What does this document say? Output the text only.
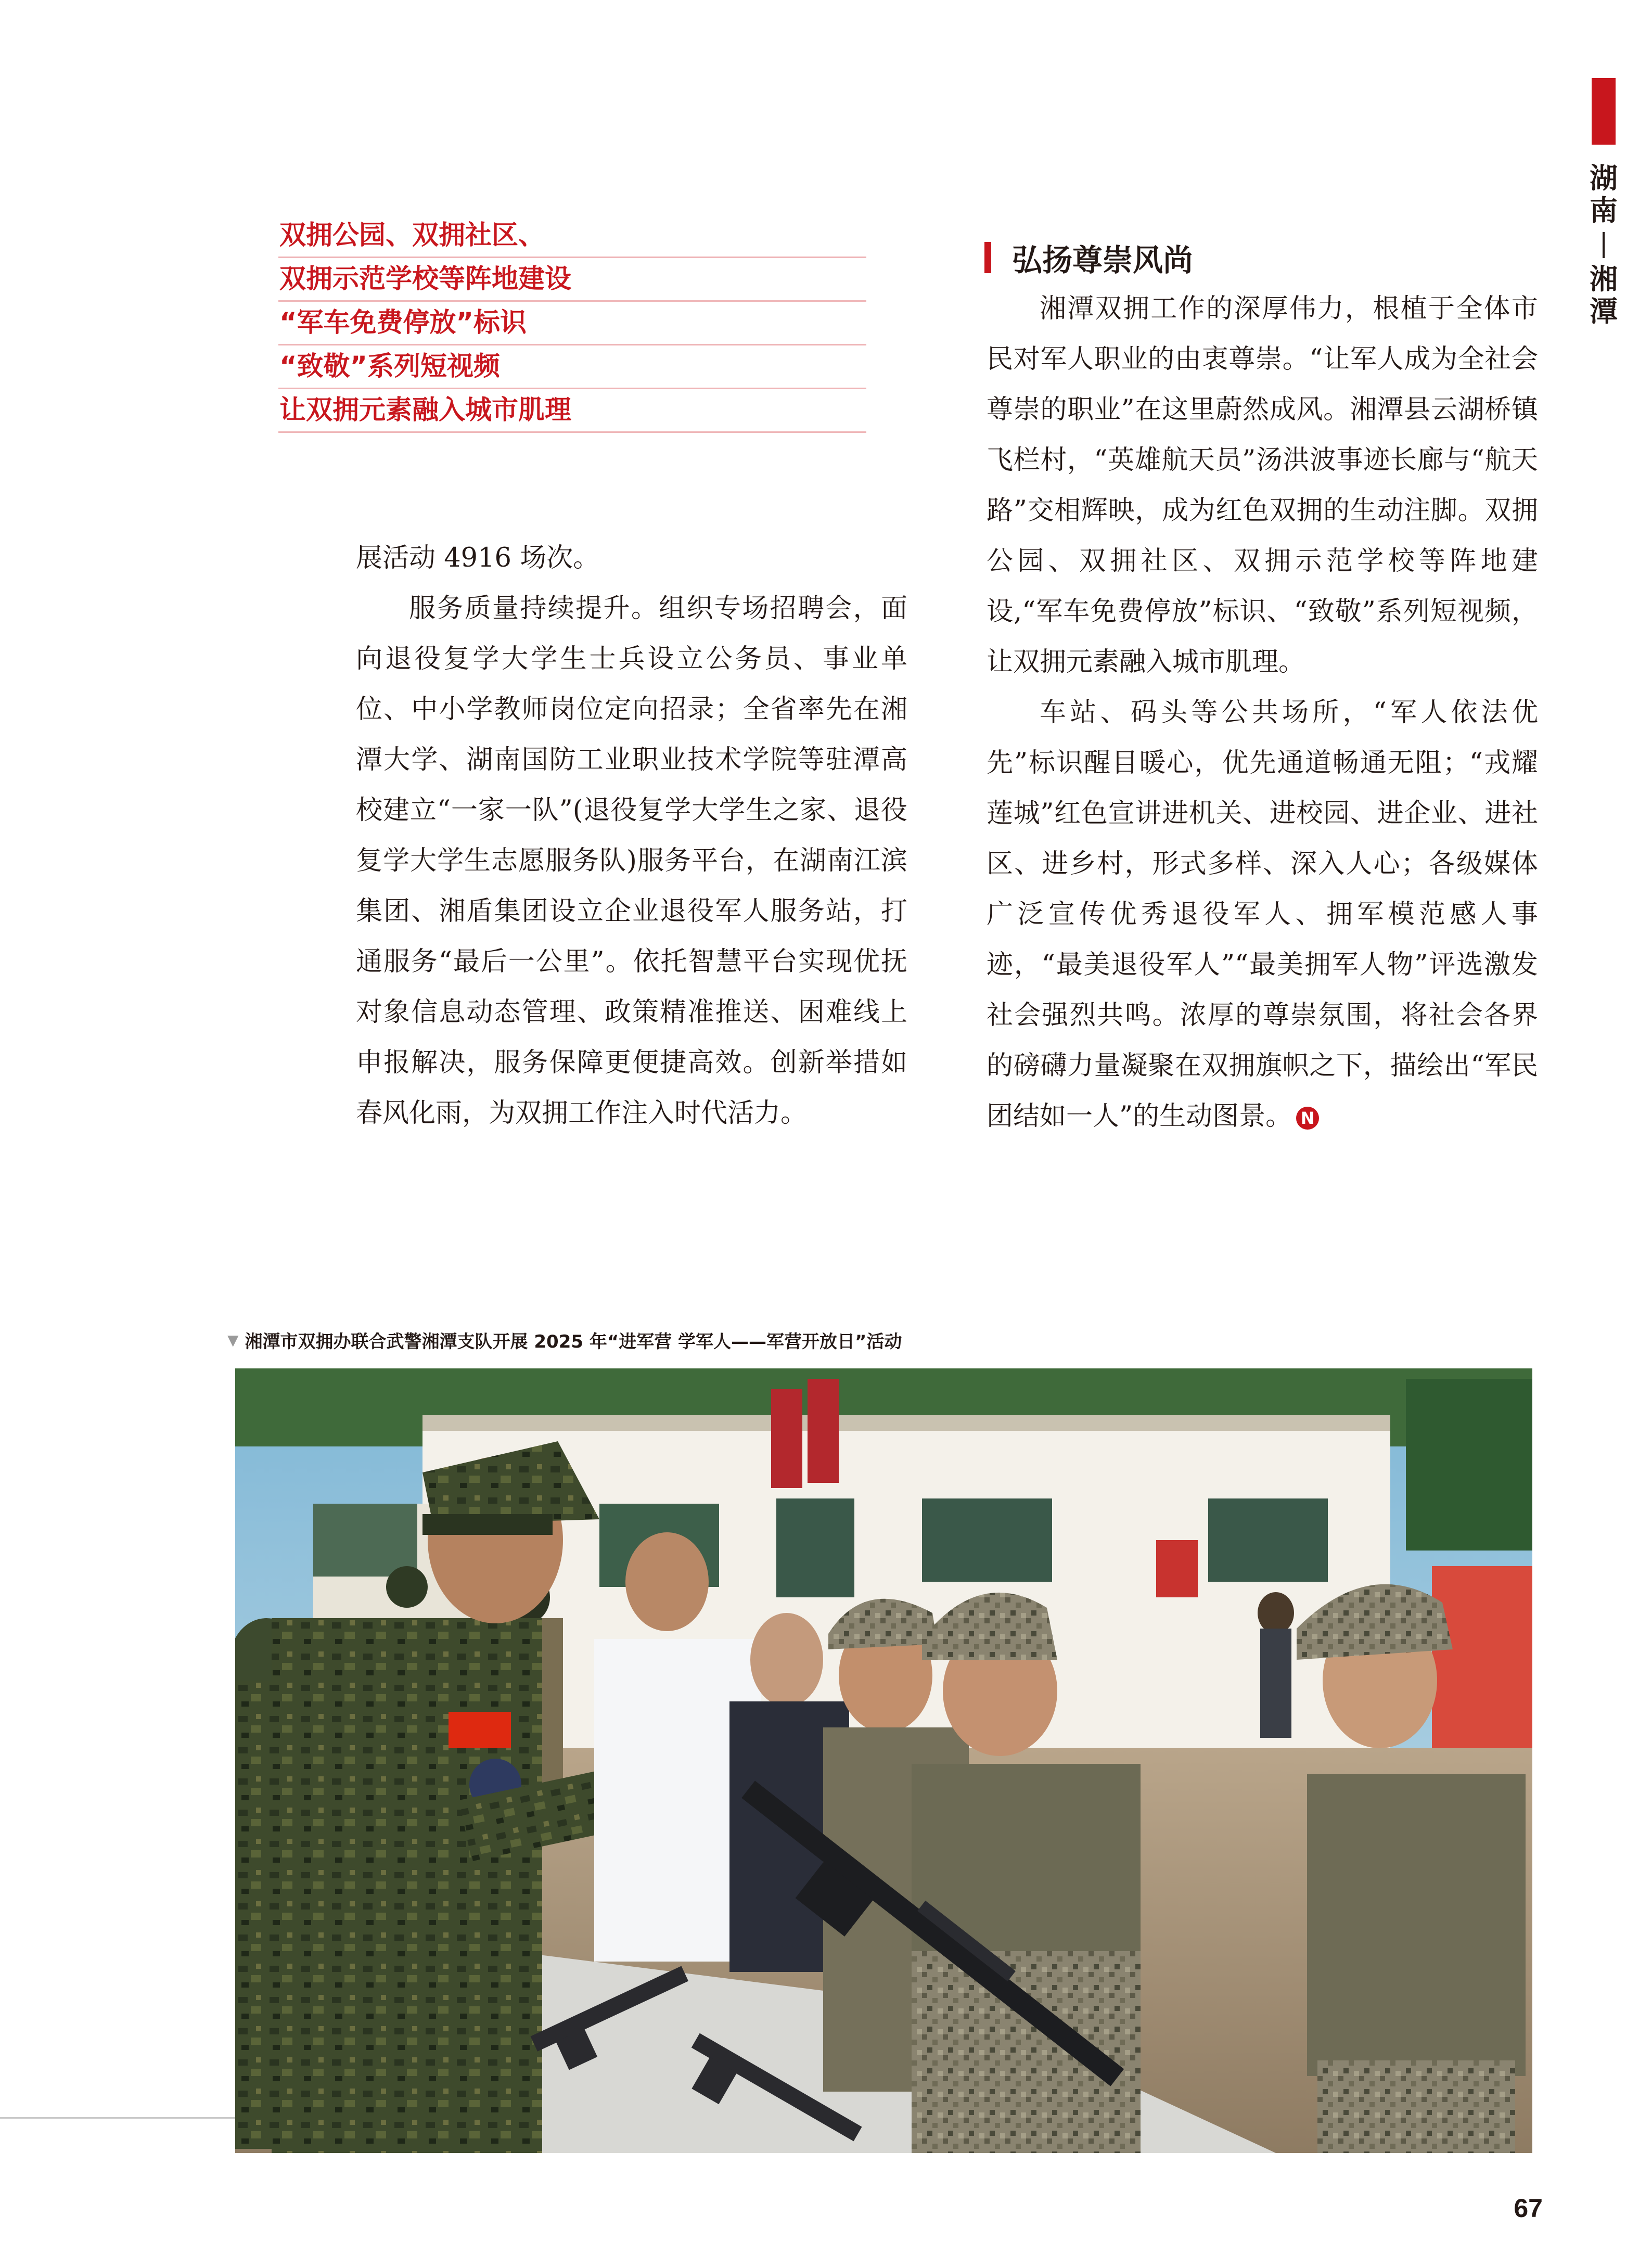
湖
南
湘
潭
双拥公园、双拥社区、
双拥示范学校等阵地建设
“军车免费停放”标识
“致敬”系列短视频
让双拥元素融入城市肌理

展活动 4916 场次。

服务质量持续提升。组织专场招聘会，面向退役复学大学生士兵设立公务员、事业单位、中小学教师岗位定向招录；全省率先在湘潭大学、湖南国防工业职业技术学院等驻潭高校建立“一家一队”(退役复学大学生之家、退役复学大学生志愿服务队)服务平台，在湖南江滨集团、湘盾集团设立企业退役军人服务站，打通服务“最后一公里”。依托智慧平台实现优抚对象信息动态管理、政策精准推送、困难线上申报解决，服务保障更便捷高效。创新举措如春风化雨，为双拥工作注入时代活力。

弘扬尊崇风尚

湘潭双拥工作的深厚伟力，根植于全体市民对军人职业的由衷尊崇。“让军人成为全社会尊崇的职业”在这里蔚然成风。湘潭县云湖桥镇飞栏村，“英雄航天员”汤洪波事迹长廊与“航天路”交相辉映，成为红色双拥的生动注脚。双拥公园、双拥社区、双拥示范学校等阵地建设,“军车免费停放”标识、“致敬”系列短视频，让双拥元素融入城市肌理。

车站、码头等公共场所，“军人依法优先”标识醒目暖心，优先通道畅通无阻；“戎耀莲城”红色宣讲进机关、进校园、进企业、进社区、进乡村，形式多样、深入人心；各级媒体广泛宣传优秀退役军人、拥军模范感人事迹，“最美退役军人”“最美拥军人物”评选激发社会强烈共鸣。浓厚的尊崇氛围，将社会各界的磅礴力量凝聚在双拥旗帜之下，描绘出“军民团结如一人”的生动图景。 N

▼ 湘潭市双拥办联合武警湘潭支队开展 2025 年“进军营 学军人——军营开放日”活动
67
